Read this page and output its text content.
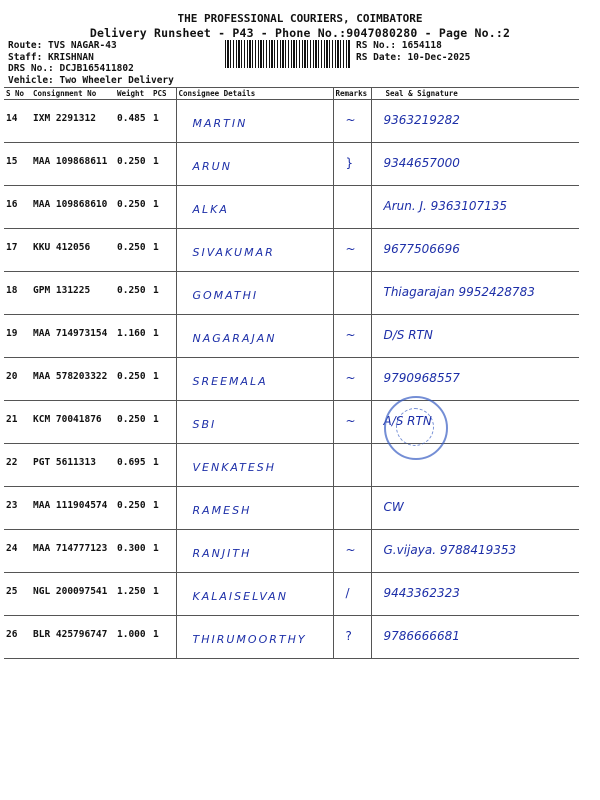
THE PROFESSIONAL COURIERS, COIMBATORE
Delivery Runsheet - P43 - Phone No.:9047080280 - Page No.:2
Route: TVS NAGAR-43
Staff: KRISHNAN
DRS No.: DCJB165411802
Vehicle: Two Wheeler Delivery
RS No.: 1654118
RS Date: 10-Dec-2025
S No	Consignment No	Weight	PCS	Consignee Details	Remarks	Seal & Signature
14	IXM 2291312	0.485	1	MARTIN	~	9363219282
15	MAA 109868611	0.250	1	ARUN	}	9344657000
16	MAA 109868610	0.250	1	ALKA		Arun. J. 9363107135
17	KKU 412056	0.250	1	SIVAKUMAR	~	9677506696
18	GPM 131225	0.250	1	GOMATHI		Thiagarajan 9952428783
19	MAA 714973154	1.160	1	NAGARAJAN	~	D/S RTN
20	MAA 578203322	0.250	1	SREEMALA	~	9790968557
21	KCM 70041876	0.250	1	SBI	~	A/S RTN
22	PGT 5611313	0.695	1	VENKATESH		
23	MAA 111904574	0.250	1	RAMESH		CW
24	MAA 714777123	0.300	1	RANJITH	~	G.vijaya. 9788419353
25	NGL 200097541	1.250	1	KALAISELVAN	/	9443362323
26	BLR 425796747	1.000	1	THIRUMOORTHY	?	9786666681
